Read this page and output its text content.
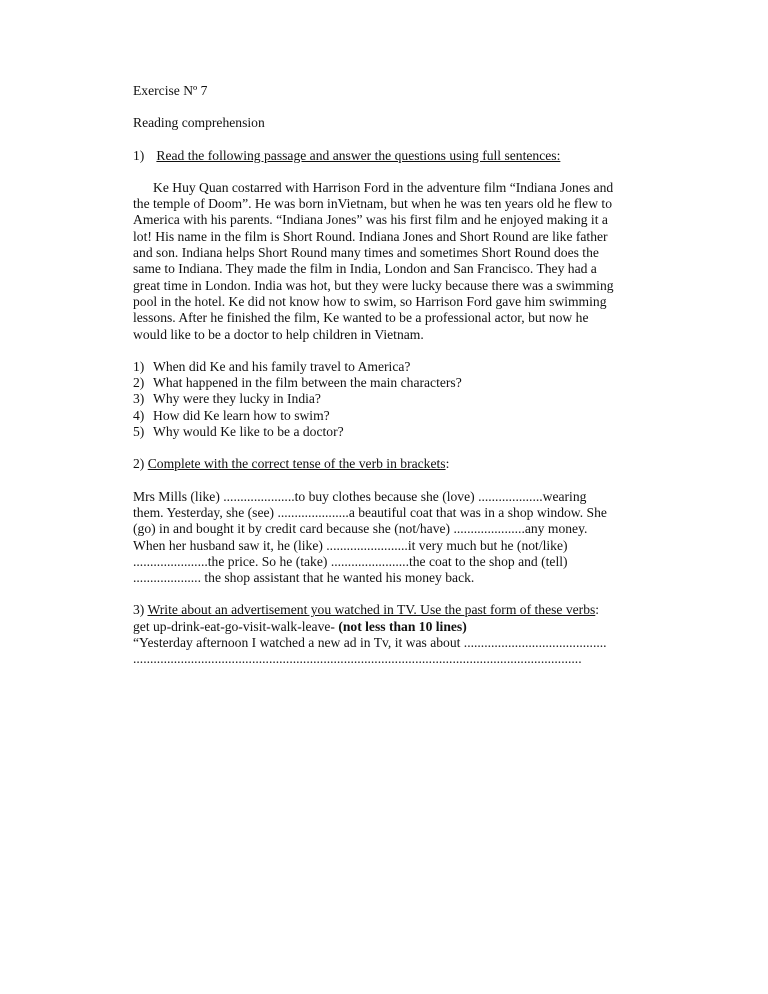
Exercise Nº 7
Reading comprehension
1) Read the following passage and answer the questions using full sentences:
Ke Huy Quan costarred with Harrison Ford in the adventure film “Indiana Jones and
the temple of Doom”. He was born inVietnam, but when he was ten years old he flew to
America with his parents. “Indiana Jones” was his first film and he enjoyed making it a
lot! His name in the film is Short Round. Indiana Jones and Short Round are like father
and son. Indiana helps Short Round many times and sometimes Short Round does the
same to Indiana. They made the film in India, London and San Francisco. They had a
great time in London. India was hot, but they were lucky because there was a swimming
pool in the hotel. Ke did not know how to swim, so Harrison Ford gave him swimming
lessons. After he finished the film, Ke wanted to be a professional actor, but now he
would like to be a doctor to help children in Vietnam.
1) When did Ke and his family travel to America?
2) What happened in the film between the main characters?
3) Why were they lucky in India?
4) How did Ke learn how to swim?
5) Why would Ke like to be a doctor?
2) Complete with the correct tense of the verb in brackets:
Mrs Mills (like) .....................to buy clothes because she (love) ...................wearing
them. Yesterday, she (see) .....................a beautiful coat that was in a shop window. She
(go) in and bought it by credit card because she (not/have) .....................any money.
When her husband saw it, he (like) ........................it very much but he (not/like)
......................the price. So he (take) .......................the coat to the shop and (tell)
.................... the shop assistant that he wanted his money back.
3) Write about an advertisement you watched in TV. Use the past form of these verbs:
get up-drink-eat-go-visit-walk-leave- (not less than 10 lines)
“Yesterday afternoon I watched a new ad in Tv, it was about ..........................................
....................................................................................................................................
